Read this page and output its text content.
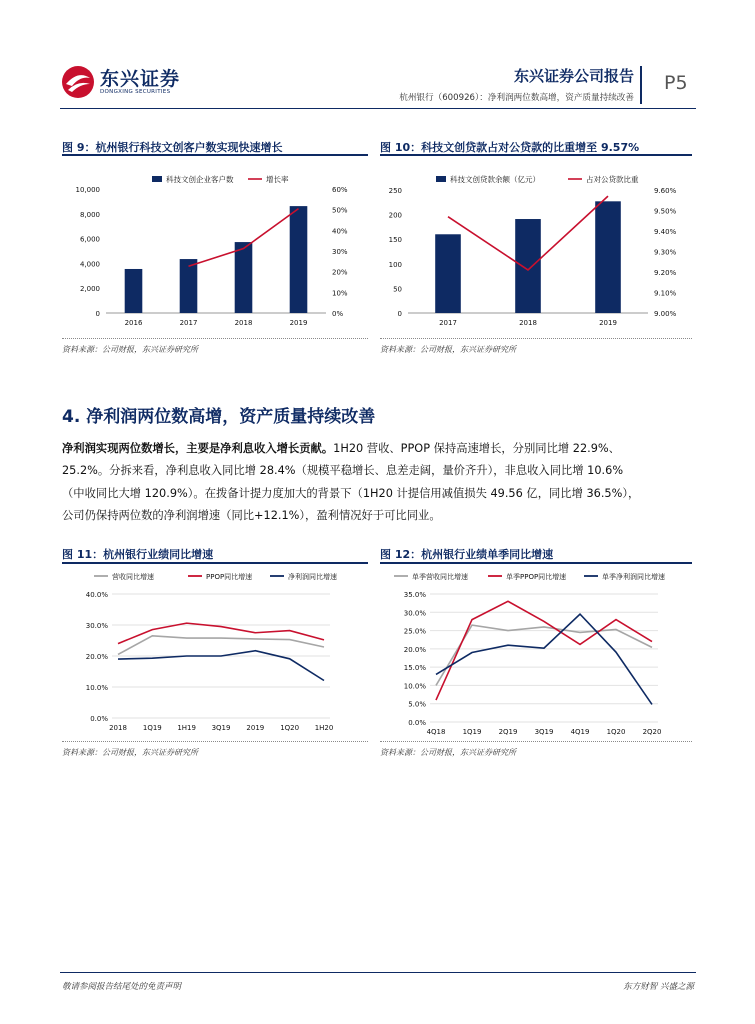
东兴证券
DONGXING SECURITIES
东兴证券公司报告
杭州银行（600926）：净利润两位数高增，资产质量持续改善
P5
图 9：杭州银行科技文创客户数实现快速增长
科技文创企业客户数	增长率
0
2,000
4,000
6,000
8,000
10,000
0%
10%
20%
30%
40%
50%
60%
2016	2017	2018	2019
资料来源：公司财报，东兴证券研究所
图 10：科技文创贷款占对公贷款的比重增至 9.57%
科技文创贷款余额（亿元）	占对公贷款比重
0
50
100
150
200
250
9.00%
9.10%
9.20%
9.30%
9.40%
9.50%
9.60%
2017	2018	2019
资料来源：公司财报，东兴证券研究所
4. 净利润两位数高增，资产质量持续改善
净利润实现两位数增长，主要是净利息收入增长贡献。1H20 营收、PPOP 保持高速增长，分别同比增 22.9%、
25.2%。分拆来看，净利息收入同比增 28.4%（规模平稳增长、息差走阔，量价齐升），非息收入同比增 10.6%
（中收同比大增 120.9%）。在拨备计提力度加大的背景下（1H20 计提信用减值损失 49.56 亿，同比增 36.5%），
公司仍保持两位数的净利润增速（同比+12.1%），盈利情况好于可比同业。
图 11：杭州银行业绩同比增速
营收同比增速	PPOP同比增速	净利润同比增速
0.0%
10.0%
20.0%
30.0%
40.0%
2018 1Q19 1H19 3Q19 2019 1Q20 1H20
资料来源：公司财报，东兴证券研究所
图 12：杭州银行业绩单季同比增速
单季营收同比增速	单季PPOP同比增速	单季净利润同比增速
0.0%
5.0%
10.0%
15.0%
20.0%
25.0%
30.0%
35.0%
4Q18 1Q19 2Q19 3Q19 4Q19 1Q20 2Q20
资料来源：公司财报，东兴证券研究所
敬请参阅报告结尾处的免责声明	东方财智 兴盛之源
